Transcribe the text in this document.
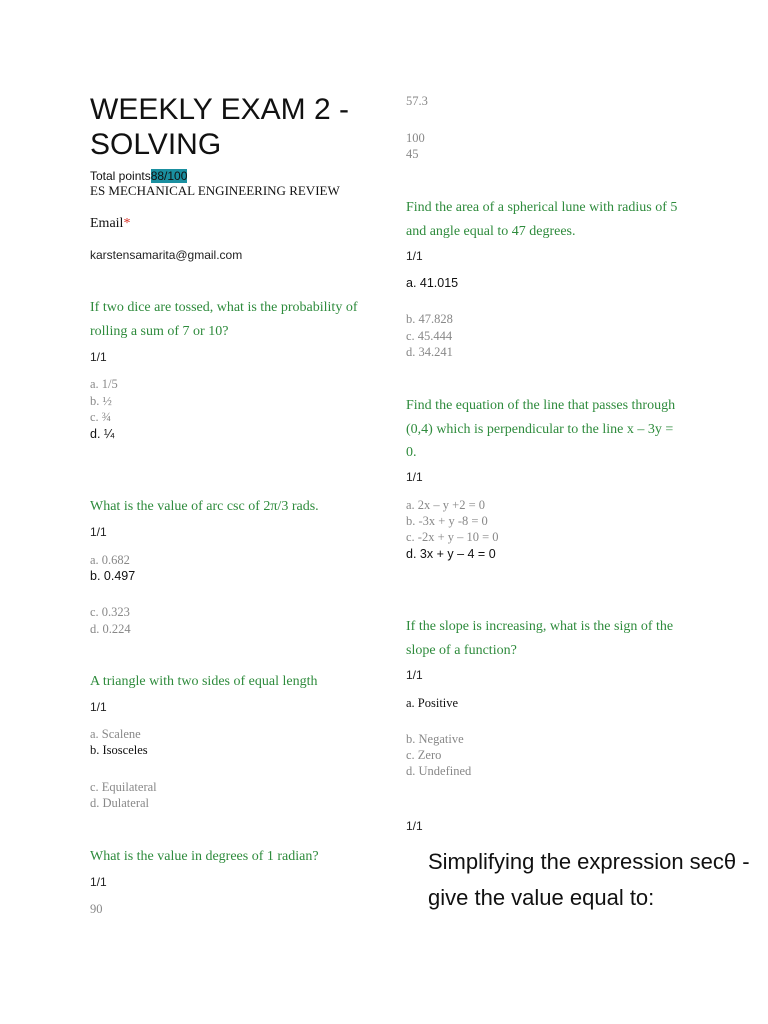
WEEKLY EXAM 2 - SOLVING
Total points88/100
ES MECHANICAL ENGINEERING REVIEW
Email*
karstensamarita@gmail.com
If two dice are tossed, what is the probability of rolling a sum of 7 or 10?
1/1
a. 1/5
b. ½
c. ¾
d. ¼
What is the value of arc csc of 2π/3 rads.
1/1
a. 0.682
b. 0.497
c. 0.323
d. 0.224
A triangle with two sides of equal length
1/1
a. Scalene
b. Isosceles
c. Equilateral
d. Dulateral
What is the value in degrees of 1 radian?
1/1
90
57.3
100
45
Find the area of a spherical lune with radius of 5 and angle equal to 47 degrees.
1/1
a. 41.015
b. 47.828
c. 45.444
d. 34.241
Find the equation of the line that passes through (0,4) which is perpendicular to the line x – 3y = 0.
1/1
a. 2x – y +2 = 0
b. -3x + y -8 = 0
c. -2x + y – 10 = 0
d. 3x + y – 4 = 0
If the slope is increasing, what is the sign of the slope of a function?
1/1
a. Positive
b. Negative
c. Zero
d. Undefined
1/1
Simplifying the expression secθ -
give the value equal to:
